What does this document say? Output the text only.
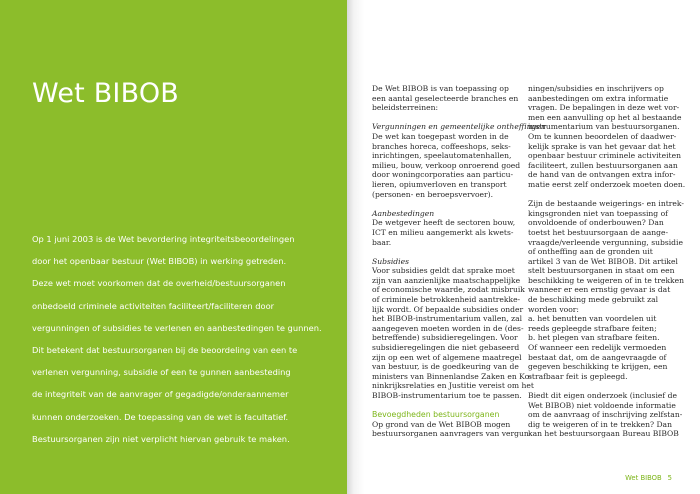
Wet BIBOB
Op 1 juni 2003 is de Wet bevordering integriteitsbeoordelingen
door het openbaar bestuur (Wet BIBOB) in werking getreden.
Deze wet moet voorkomen dat de overheid/bestuursorganen
onbedoeld criminele activiteiten faciliteert/faciliteren door
vergunningen of subsidies te verlenen en aanbestedingen te gunnen.
Dit betekent dat bestuursorganen bij de beoordeling van een te
verlenen vergunning, subsidie of een te gunnen aanbesteding
de integriteit van de aanvrager of gegadigde/onderaannemer
kunnen onderzoeken. De toepassing van de wet is facultatief.
Bestuursorganen zijn niet verplicht hiervan gebruik te maken.
De Wet BIBOB is van toepassing op
een aantal geselecteerde branches en
beleidsterreinen:
Vergunningen en gemeentelijke ontheffingen
De wet kan toegepast worden in de
branches horeca, coffeeshops, seks-
inrichtingen, speelautomatenhallen,
milieu, bouw, verkoop onroerend goed
door woningcorporaties aan particu-
lieren, opiumverloven en transport
(personen- en beroepsvervoer).
Aanbestedingen
De wetgever heeft de sectoren bouw,
ICT en milieu aangemerkt als kwets-
baar.
Subsidies
Voor subsidies geldt dat sprake moet
zijn van aanzienlijke maatschappelijke
of economische waarde, zodat misbruik
of criminele betrokkenheid aantrekke-
lijk wordt. Of bepaalde subsidies onder
het BIBOB-instrumentarium vallen, zal
aangegeven moeten worden in de (des-
betreffende) subsidieregelingen. Voor
subsidieregelingen die niet gebaseerd
zijn op een wet of algemene maatregel
van bestuur, is de goedkeuring van de
ministers van Binnenlandse Zaken en Ko-
ninkrijksrelaties en Justitie vereist om het
BIBOB-instrumentarium toe te passen.
Bevoegdheden bestuursorganen
Op grond van de Wet BIBOB mogen
bestuursorganen aanvragers van vergun-
ningen/subsidies en inschrijvers op
aanbestedingen om extra informatie
vragen. De bepalingen in deze wet vor-
men een aanvulling op het al bestaande
instrumentarium van bestuursorganen.
Om te kunnen beoordelen of daadwer-
kelijk sprake is van het gevaar dat het
openbaar bestuur criminele activiteiten
faciliteert, zullen bestuursorganen aan
de hand van de ontvangen extra infor-
matie eerst zelf onderzoek moeten doen.
Zijn de bestaande weigerings- en intrek-
kingsgronden niet van toepassing of
onvoldoende of onderbouwen? Dan
toetst het bestuursorgaan de aange-
vraagde/verleende vergunning, subsidie
of ontheffing aan de gronden uit
artikel 3 van de Wet BIBOB. Dit artikel
stelt bestuursorganen in staat om een
beschikking te weigeren of in te trekken
wanneer er een ernstig gevaar is dat
de beschikking mede gebruikt zal
worden voor:
a. het benutten van voordelen uit
reeds gepleegde strafbare feiten;
b. het plegen van strafbare feiten.
Of wanneer een redelijk vermoeden
bestaat dat, om de aangevraagde of
gegeven beschikking te krijgen, een
strafbaar feit is gepleegd.
Biedt dit eigen onderzoek (inclusief de
Wet BIBOB) niet voldoende informatie
om de aanvraag of inschrijving zelfstan-
dig te weigeren of in te trekken? Dan
kan het bestuursorgaan Bureau BIBOB
Wet BIBOB 5
